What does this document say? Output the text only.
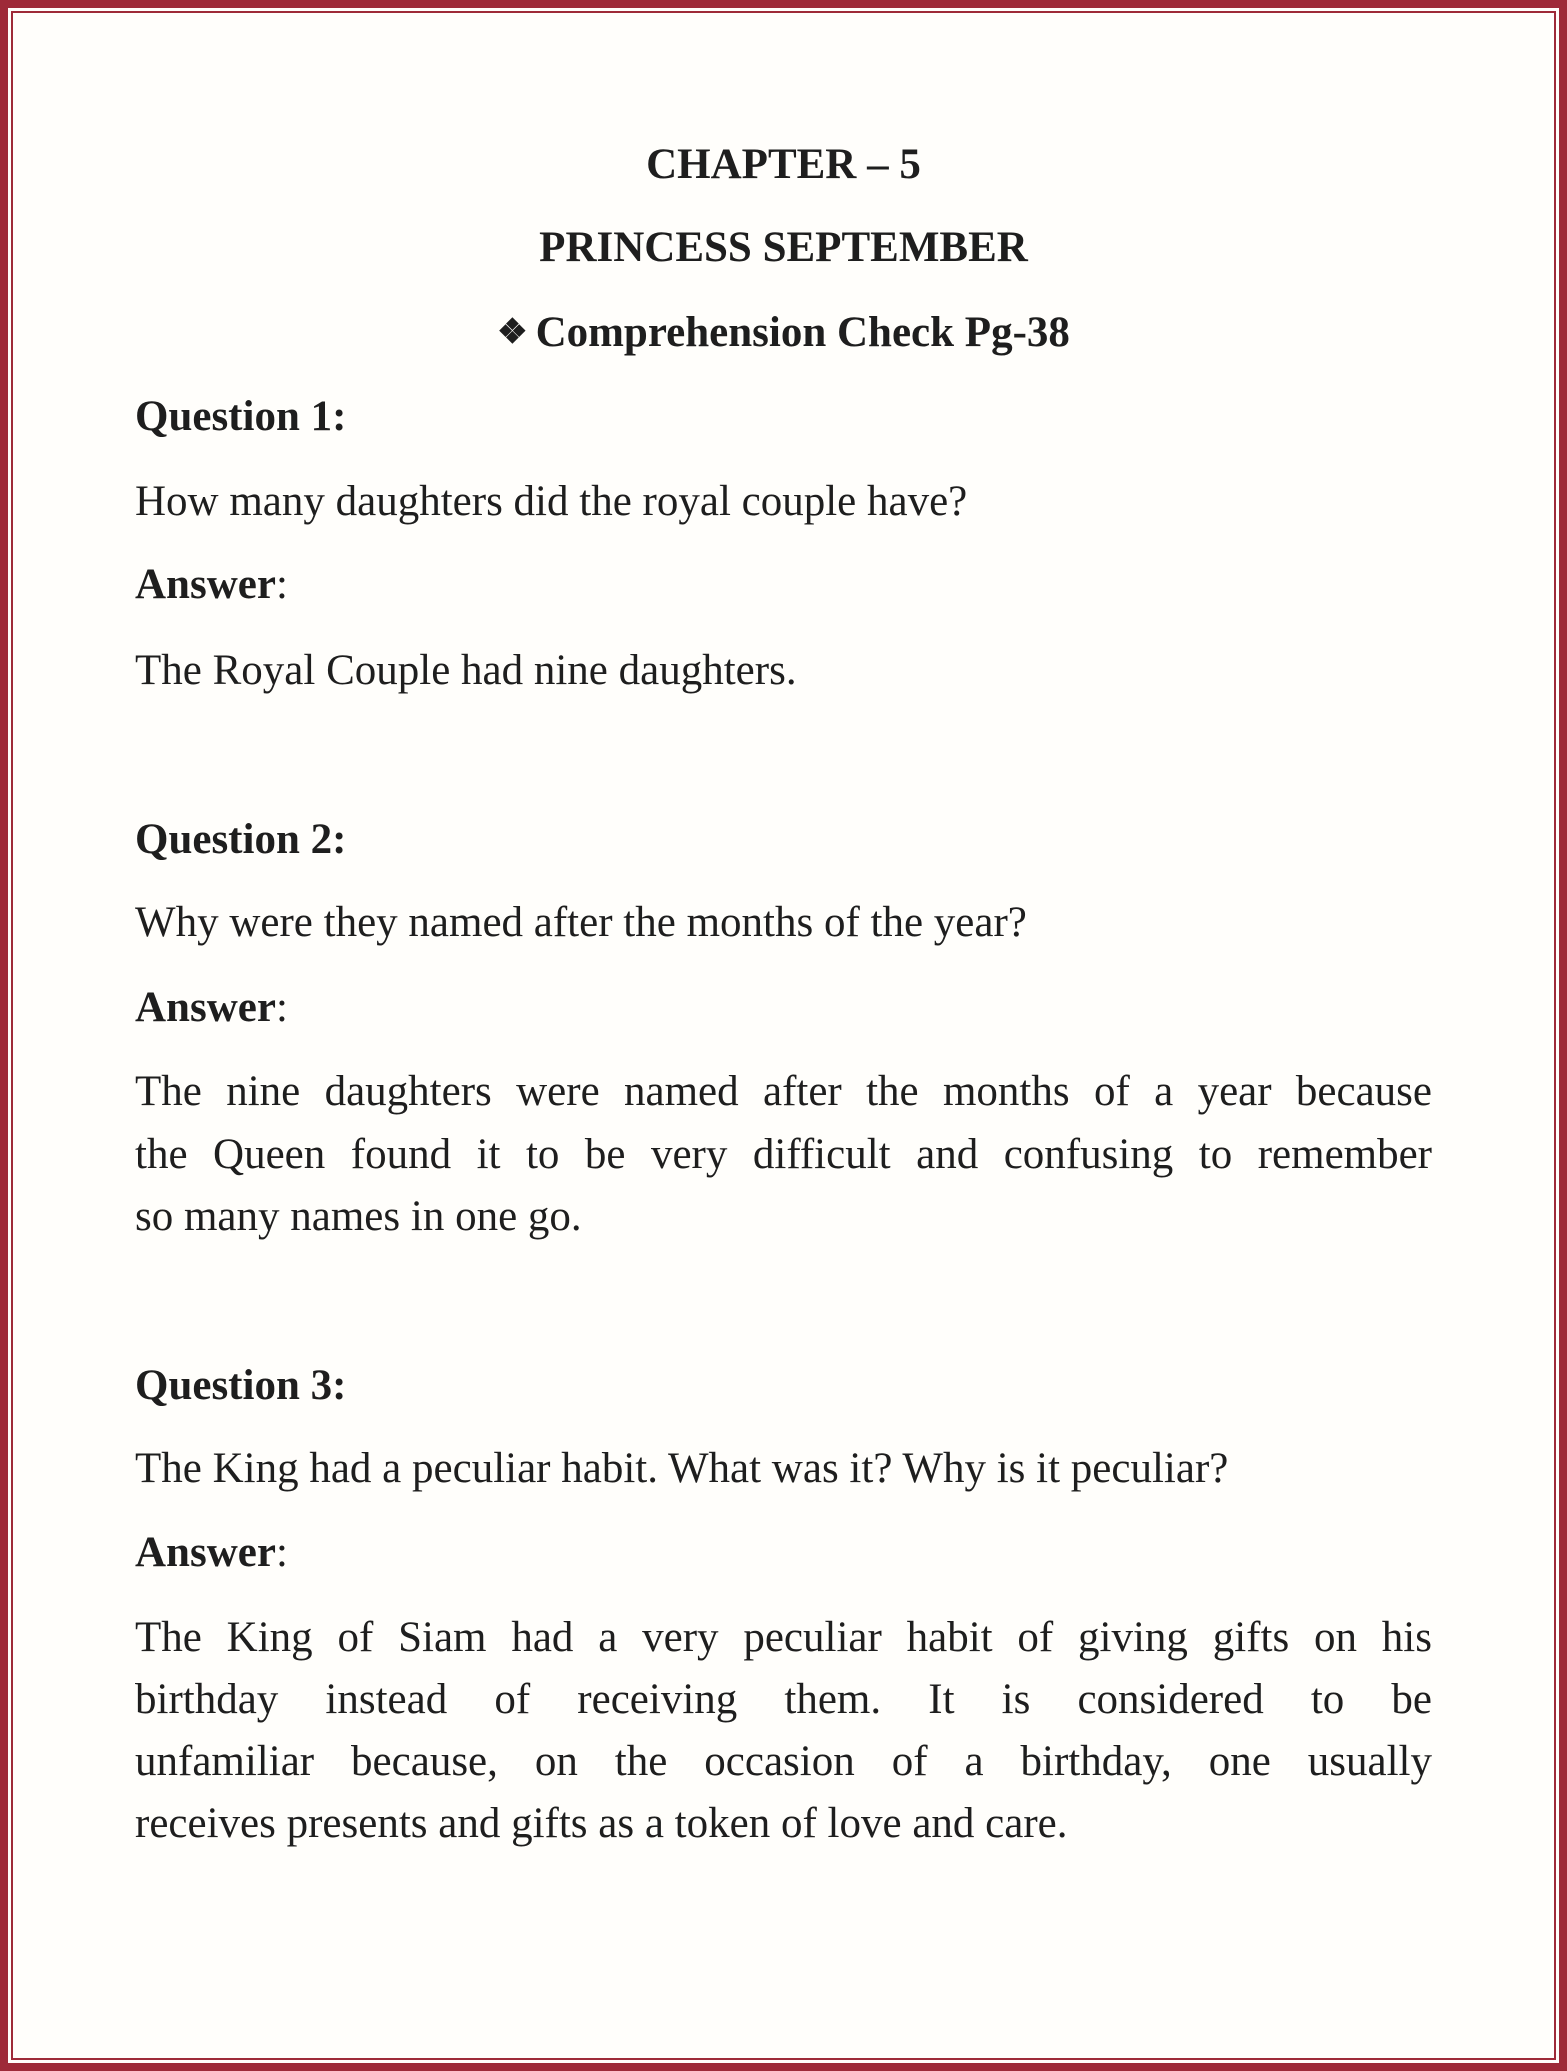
CHAPTER – 5
PRINCESS SEPTEMBER
❖ Comprehension Check Pg-38
Question 1:
How many daughters did the royal couple have?
Answer:
The Royal Couple had nine daughters.
Question 2:
Why were they named after the months of the year?
Answer:
The nine daughters were named after the months of a year because
the Queen found it to be very difficult and confusing to remember
so many names in one go.
Question 3:
The King had a peculiar habit. What was it? Why is it peculiar?
Answer:
The King of Siam had a very peculiar habit of giving gifts on his
birthday instead of receiving them. It is considered to be
unfamiliar because, on the occasion of a birthday, one usually
receives presents and gifts as a token of love and care.
